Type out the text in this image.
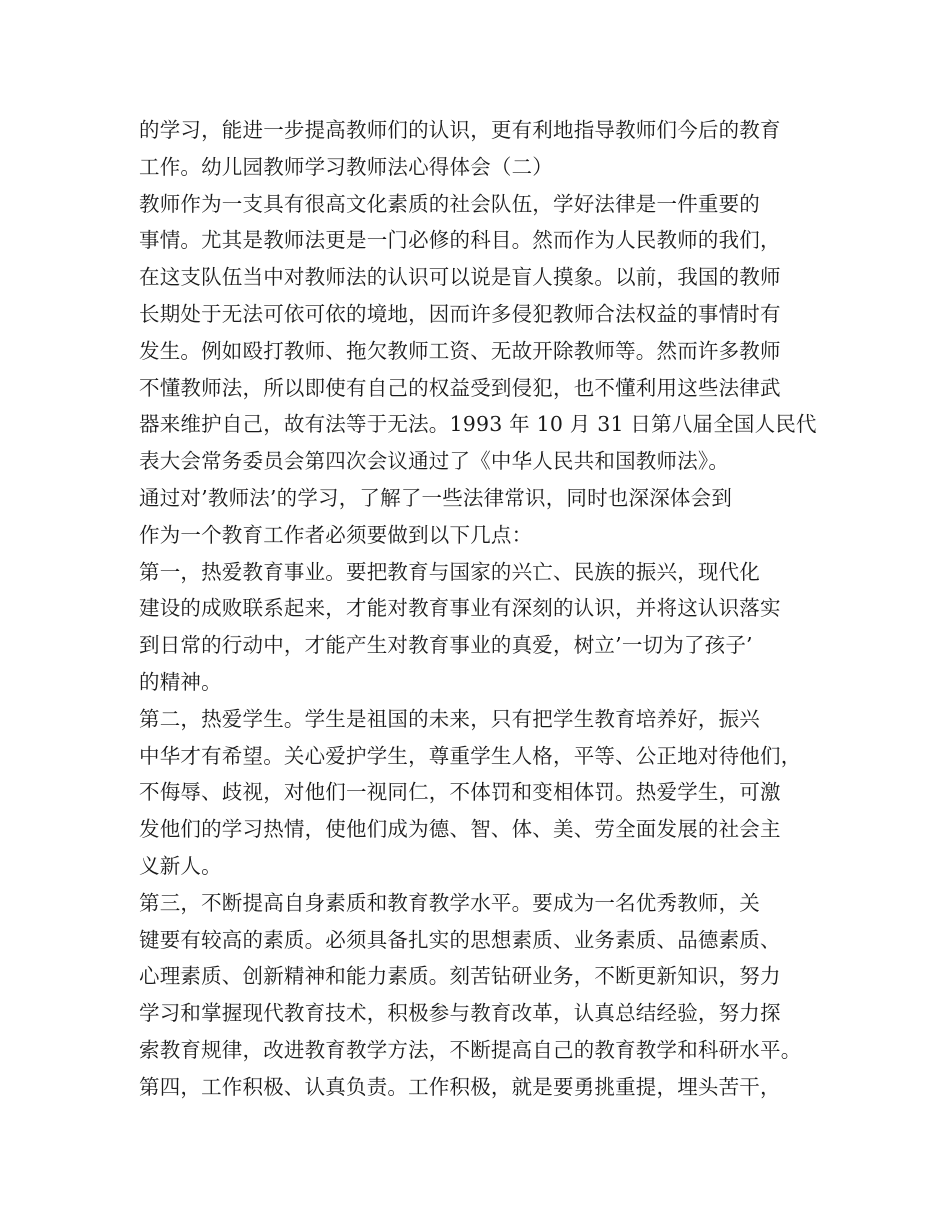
的学习，能进一步提高教师们的认识，更有利地指导教师们今后的教育
工作。幼儿园教师学习教师法心得体会（二）
教师作为一支具有很高文化素质的社会队伍，学好法律是一件重要的
事情。尤其是教师法更是一门必修的科目。然而作为人民教师的我们，
在这支队伍当中对教师法的认识可以说是盲人摸象。以前，我国的教师
长期处于无法可依可依的境地，因而许多侵犯教师合法权益的事情时有
发生。例如殴打教师、拖欠教师工资、无故开除教师等。然而许多教师
不懂教师法，所以即使有自己的权益受到侵犯，也不懂利用这些法律武
器来维护自己，故有法等于无法。1993 年 10 月 31 日第八届全国人民代
表大会常务委员会第四次会议通过了《中华人民共和国教师法》。
通过对’教师法’的学习，了解了一些法律常识，同时也深深体会到
作为一个教育工作者必须要做到以下几点：
第一，热爱教育事业。要把教育与国家的兴亡、民族的振兴，现代化
建设的成败联系起来，才能对教育事业有深刻的认识，并将这认识落实
到日常的行动中，才能产生对教育事业的真爱，树立’一切为了孩子’
的精神。
第二，热爱学生。学生是祖国的未来，只有把学生教育培养好，振兴
中华才有希望。关心爱护学生，尊重学生人格，平等、公正地对待他们，
不侮辱、歧视，对他们一视同仁，不体罚和变相体罚。热爱学生，可激
发他们的学习热情，使他们成为德、智、体、美、劳全面发展的社会主
义新人。
第三，不断提高自身素质和教育教学水平。要成为一名优秀教师，关
键要有较高的素质。必须具备扎实的思想素质、业务素质、品德素质、
心理素质、创新精神和能力素质。刻苦钻研业务，不断更新知识，努力
学习和掌握现代教育技术，积极参与教育改革，认真总结经验，努力探
索教育规律，改进教育教学方法，不断提高自己的教育教学和科研水平。
第四，工作积极、认真负责。工作积极，就是要勇挑重提，埋头苦干，
